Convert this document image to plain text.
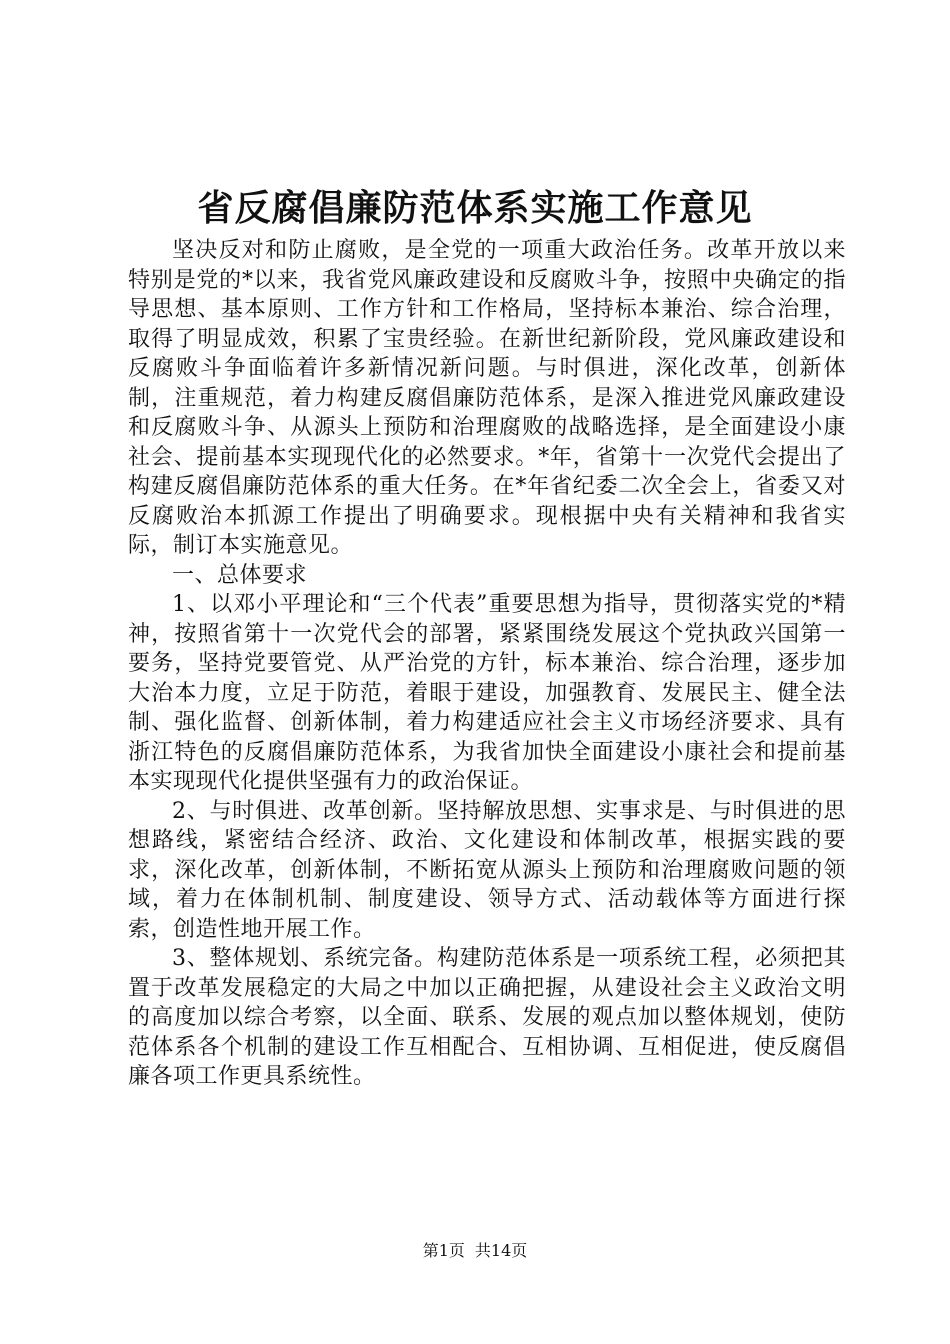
省反腐倡廉防范体系实施工作意见

坚决反对和防止腐败，是全党的一项重大政治任务。改革开放以来特别是党的*以来，我省党风廉政建设和反腐败斗争，按照中央确定的指导思想、基本原则、工作方针和工作格局，坚持标本兼治、综合治理，取得了明显成效，积累了宝贵经验。在新世纪新阶段，党风廉政建设和反腐败斗争面临着许多新情况新问题。与时俱进，深化改革，创新体制，注重规范，着力构建反腐倡廉防范体系，是深入推进党风廉政建设和反腐败斗争、从源头上预防和治理腐败的战略选择，是全面建设小康社会、提前基本实现现代化的必然要求。*年，省第十一次党代会提出了构建反腐倡廉防范体系的重大任务。在*年省纪委二次全会上，省委又对反腐败治本抓源工作提出了明确要求。现根据中央有关精神和我省实际，制订本实施意见。

一、总体要求

1、以邓小平理论和“三个代表”重要思想为指导，贯彻落实党的*精神，按照省第十一次党代会的部署，紧紧围绕发展这个党执政兴国第一要务，坚持党要管党、从严治党的方针，标本兼治、综合治理，逐步加大治本力度，立足于防范，着眼于建设，加强教育、发展民主、健全法制、强化监督、创新体制，着力构建适应社会主义市场经济要求、具有浙江特色的反腐倡廉防范体系，为我省加快全面建设小康社会和提前基本实现现代化提供坚强有力的政治保证。

2、与时俱进、改革创新。坚持解放思想、实事求是、与时俱进的思想路线，紧密结合经济、政治、文化建设和体制改革，根据实践的要求，深化改革，创新体制，不断拓宽从源头上预防和治理腐败问题的领域，着力在体制机制、制度建设、领导方式、活动载体等方面进行探索，创造性地开展工作。

3、整体规划、系统完备。构建防范体系是一项系统工程，必须把其置于改革发展稳定的大局之中加以正确把握，从建设社会主义政治文明的高度加以综合考察，以全面、联系、发展的观点加以整体规划，使防范体系各个机制的建设工作互相配合、互相协调、互相促进，使反腐倡廉各项工作更具系统性。

第1页 共14页
